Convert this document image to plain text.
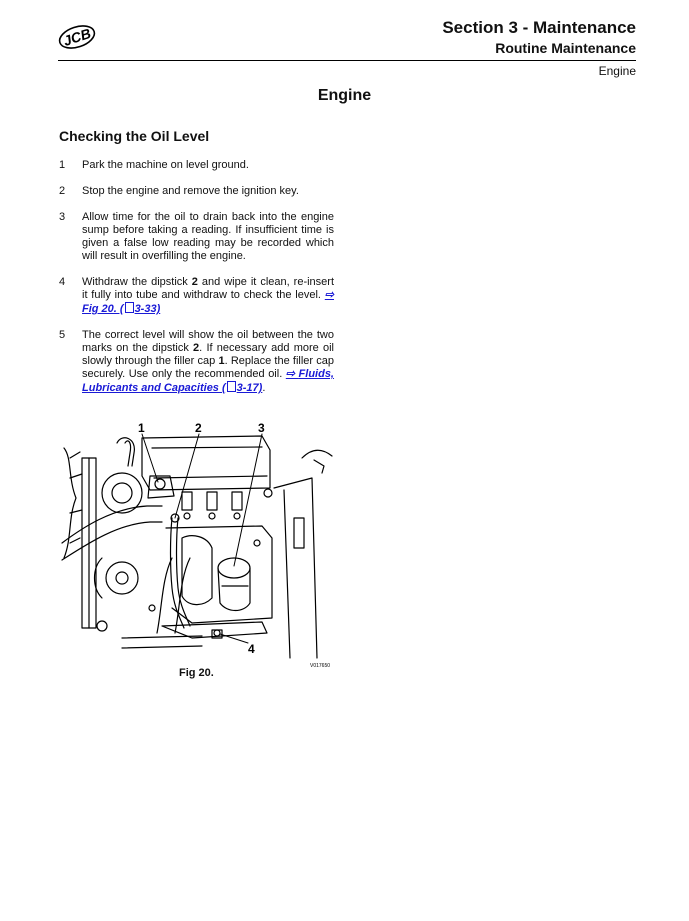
JCB	Section 3 - Maintenance
Routine Maintenance
Engine
Engine
Checking the Oil Level
1	Park the machine on level ground.
2	Stop the engine and remove the ignition key.
3	Allow time for the oil to drain back into the engine sump before taking a reading. If insufficient time is given a false low reading may be recorded which will result in overfilling the engine.
4	Withdraw the dipstick 2 and wipe it clean, re-insert it fully into tube and withdraw to check the level. ⇨ Fig 20. ( 3-33)
5	The correct level will show the oil between the two marks on the dipstick 2. If necessary add more oil slowly through the filler cap 1. Replace the filler cap securely. Use only the recommended oil. ⇨ Fluids, Lubricants and Capacities ( 3-17).
1	2	3
4
V017650
Fig 20.
